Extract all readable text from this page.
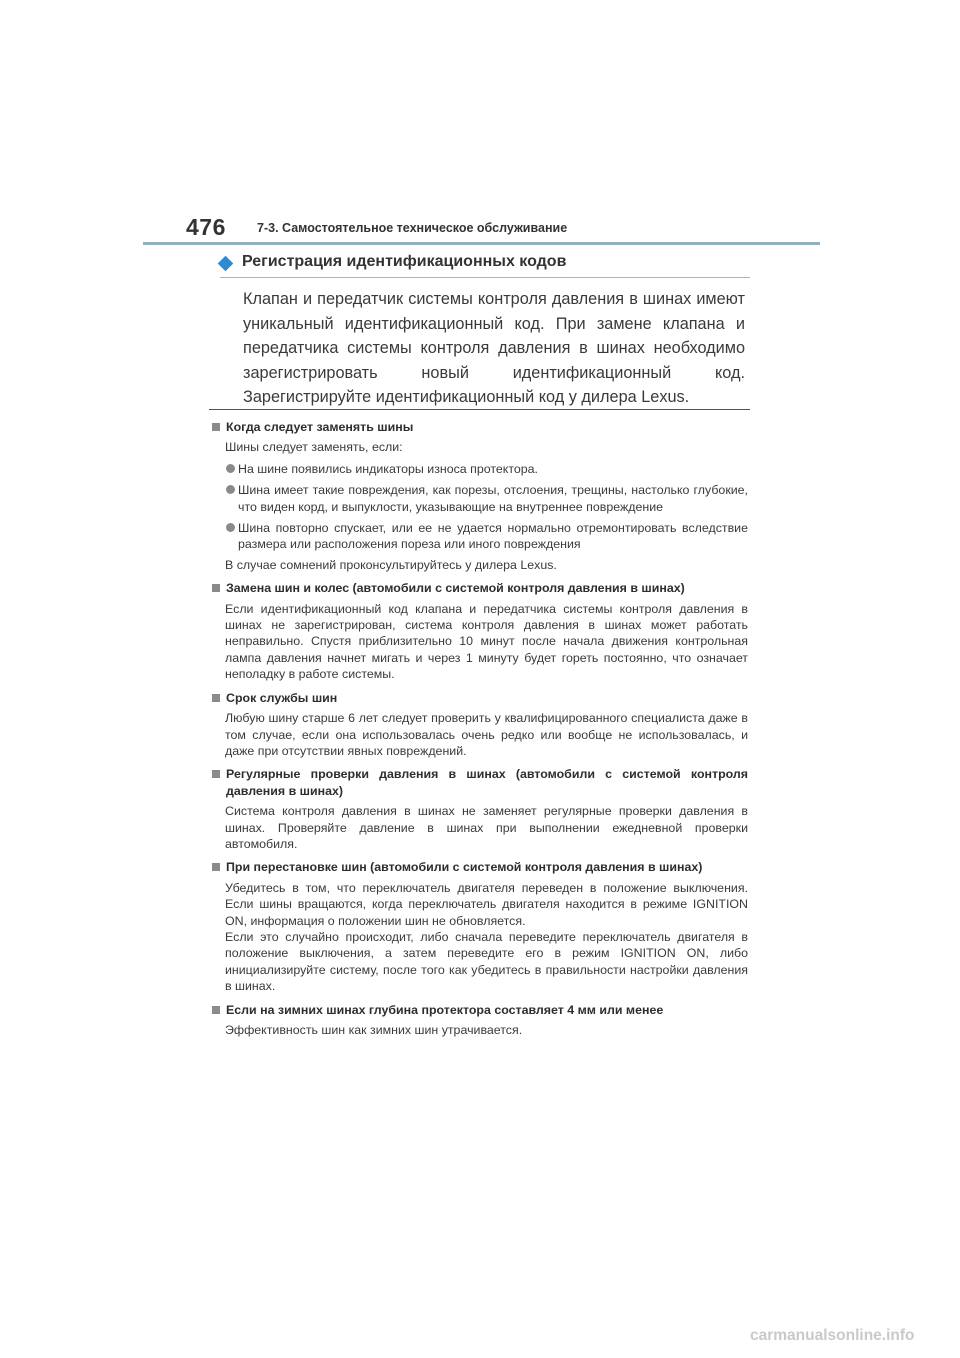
476 7-3. Самостоятельное техническое обслуживание
Регистрация идентификационных кодов
Клапан и передатчик системы контроля давления в шинах имеют уникальный идентификационный код. При замене клапана и передатчика системы контроля давления в шинах необходимо зарегистрировать новый идентификационный код. Зарегистрируйте идентификационный код у дилера Lexus.
Когда следует заменять шины
Шины следует заменять, если:
На шине появились индикаторы износа протектора.
Шина имеет такие повреждения, как порезы, отслоения, трещины, настолько глубокие, что виден корд, и выпуклости, указывающие на внутреннее повреждение
Шина повторно спускает, или ее не удается нормально отремонтировать вследствие размера или расположения пореза или иного повреждения
В случае сомнений проконсультируйтесь у дилера Lexus.
Замена шин и колес (автомобили с системой контроля давления в шинах)
Если идентификационный код клапана и передатчика системы контроля давления в шинах не зарегистрирован, система контроля давления в шинах может работать неправильно. Спустя приблизительно 10 минут после начала движения контрольная лампа давления начнет мигать и через 1 минуту будет гореть постоянно, что означает неполадку в работе системы.
Срок службы шин
Любую шину старше 6 лет следует проверить у квалифицированного специалиста даже в том случае, если она использовалась очень редко или вообще не использовалась, и даже при отсутствии явных повреждений.
Регулярные проверки давления в шинах (автомобили с системой контроля давления в шинах)
Система контроля давления в шинах не заменяет регулярные проверки давления в шинах. Проверяйте давление в шинах при выполнении ежедневной проверки автомобиля.
При перестановке шин (автомобили с системой контроля давления в шинах)
Убедитесь в том, что переключатель двигателя переведен в положение выключения. Если шины вращаются, когда переключатель двигателя находится в режиме IGNITION ON, информация о положении шин не обновляется.
Если это случайно происходит, либо сначала переведите переключатель двигателя в положение выключения, а затем переведите его в режим IGNITION ON, либо инициализируйте систему, после того как убедитесь в правильности настройки давления в шинах.
Если на зимних шинах глубина протектора составляет 4 мм или менее
Эффективность шин как зимних шин утрачивается.
carmanualsonline.info
